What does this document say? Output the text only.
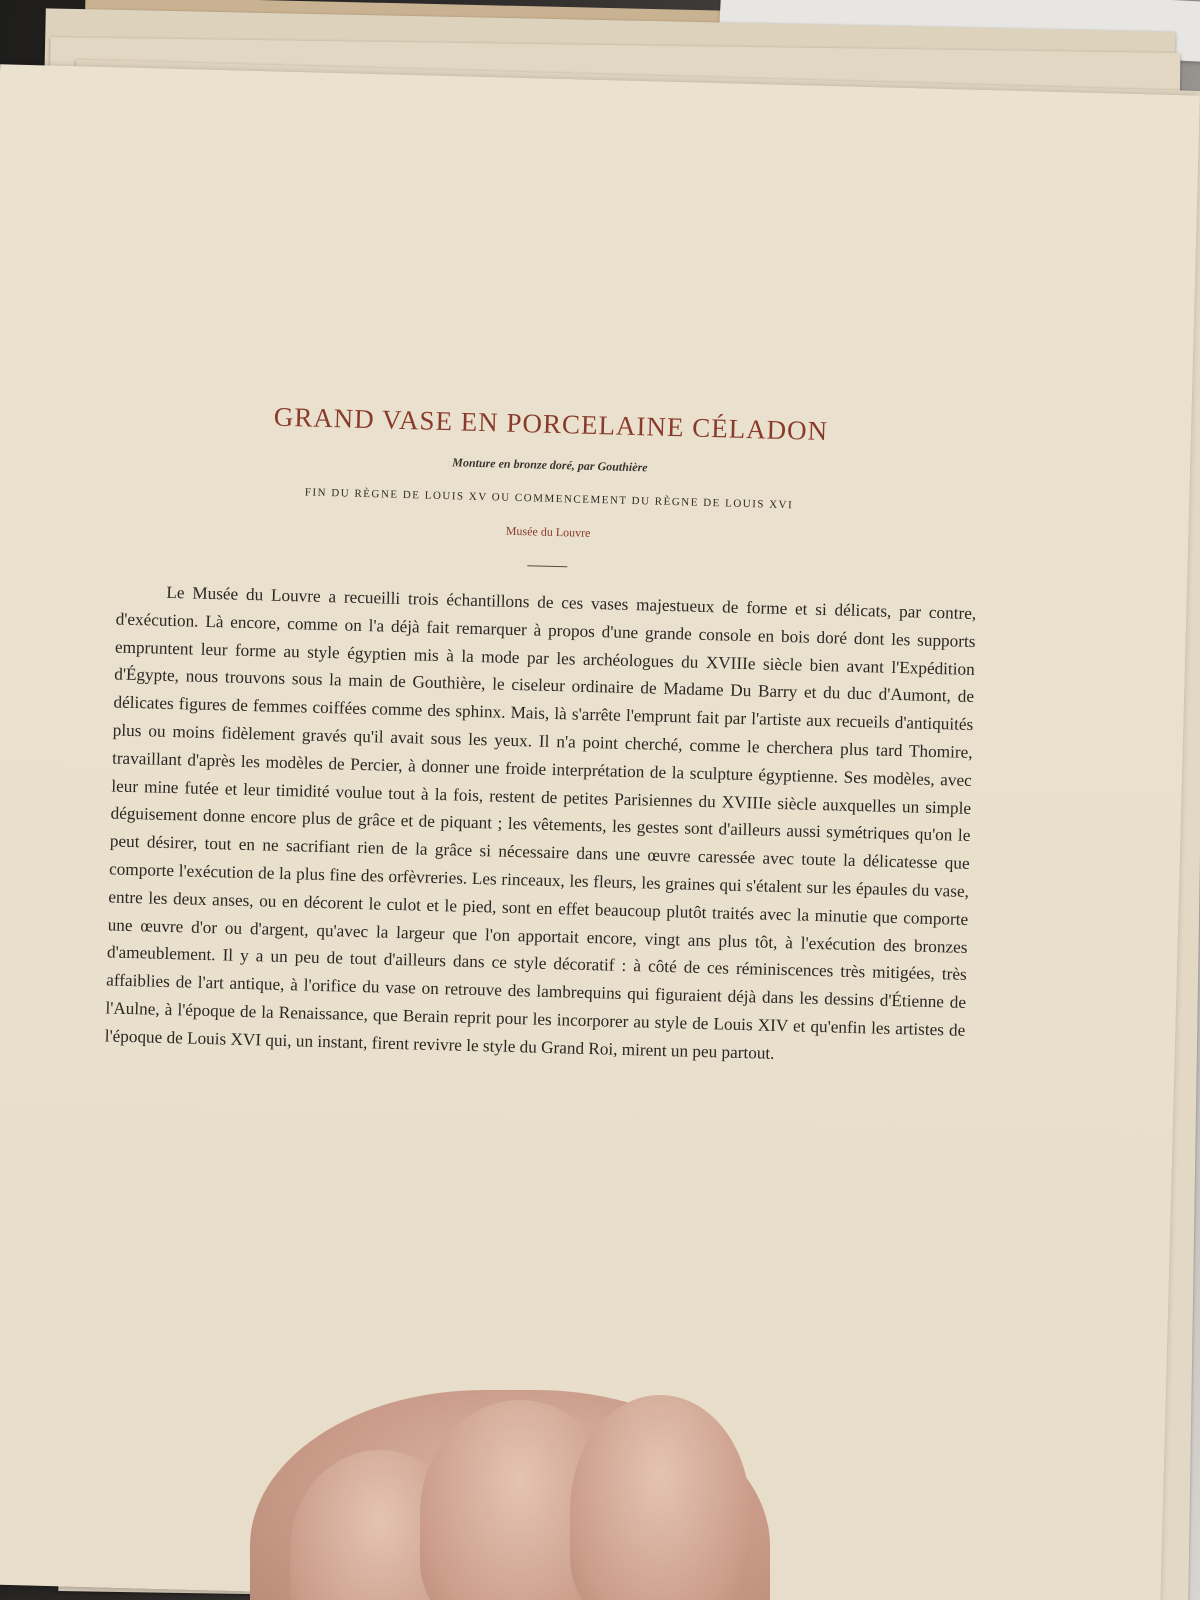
GRAND VASE EN PORCELAINE CÉLADON
Monture en bronze doré, par Gouthière
FIN DU RÈGNE DE LOUIS XV OU COMMENCEMENT DU RÈGNE DE LOUIS XVI
Musée du Louvre

Le Musée du Louvre a recueilli trois échantillons de ces vases majestueux de forme et si délicats, par contre, d'exécution. Là encore, comme on l'a déjà fait remarquer à propos d'une grande console en bois doré dont les supports empruntent leur forme au style égyptien mis à la mode par les archéologues du XVIIIe siècle bien avant l'Expédition d'Égypte, nous trouvons sous la main de Gouthière, le ciseleur ordinaire de Madame Du Barry et du duc d'Aumont, de délicates figures de femmes coiffées comme des sphinx. Mais, là s'arrête l'emprunt fait par l'artiste aux recueils d'antiquités plus ou moins fidèlement gravés qu'il avait sous les yeux. Il n'a point cherché, comme le cherchera plus tard Thomire, travaillant d'après les modèles de Percier, à donner une froide interprétation de la sculpture égyptienne. Ses modèles, avec leur mine futée et leur timidité voulue tout à la fois, restent de petites Parisiennes du XVIIIe siècle auxquelles un simple déguisement donne encore plus de grâce et de piquant ; les vêtements, les gestes sont d'ailleurs aussi symétriques qu'on le peut désirer, tout en ne sacrifiant rien de la grâce si nécessaire dans une œuvre caressée avec toute la délicatesse que comporte l'exécution de la plus fine des orfèvreries. Les rinceaux, les fleurs, les graines qui s'étalent sur les épaules du vase, entre les deux anses, ou en décorent le culot et le pied, sont en effet beaucoup plutôt traités avec la minutie que comporte une œuvre d'or ou d'argent, qu'avec la largeur que l'on apportait encore, vingt ans plus tôt, à l'exécution des bronzes d'ameublement. Il y a un peu de tout d'ailleurs dans ce style décoratif : à côté de ces réminiscences très mitigées, très affaiblies de l'art antique, à l'orifice du vase on retrouve des lambrequins qui figuraient déjà dans les dessins d'Étienne de l'Aulne, à l'époque de la Renaissance, que Berain reprit pour les incorporer au style de Louis XIV et qu'enfin les artistes de l'époque de Louis XVI qui, un instant, firent revivre le style du Grand Roi, mirent un peu partout.
